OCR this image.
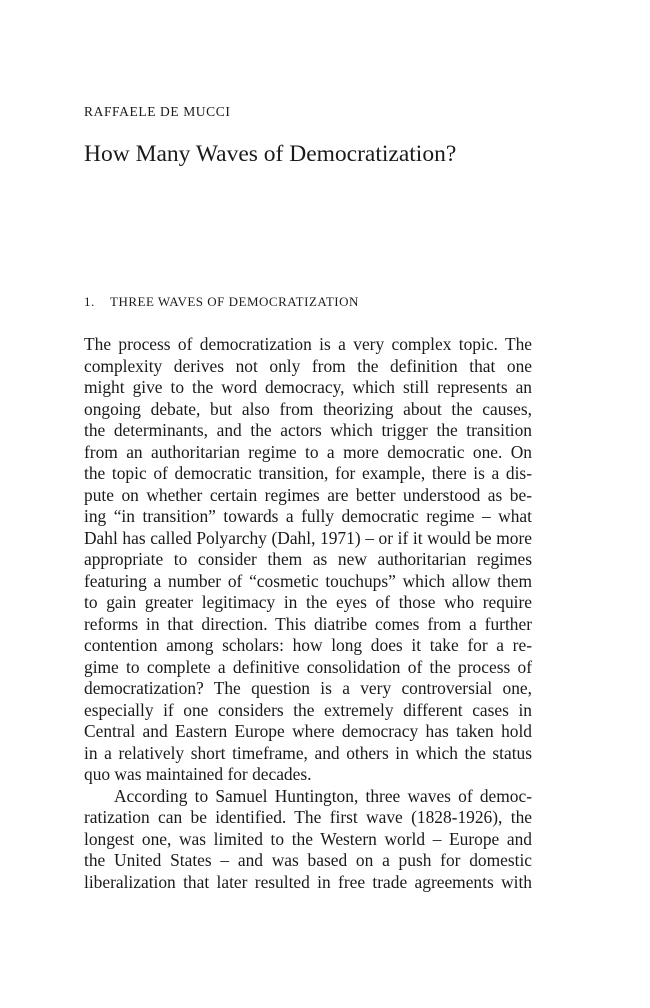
RAFFAELE DE MUCCI
How Many Waves of Democratization?
1. THREE WAVES OF DEMOCRATIZATION
The process of democratization is a very complex topic. The
complexity derives not only from the definition that one
might give to the word democracy, which still represents an
ongoing debate, but also from theorizing about the causes,
the determinants, and the actors which trigger the transition
from an authoritarian regime to a more democratic one. On
the topic of democratic transition, for example, there is a dis-
pute on whether certain regimes are better understood as be-
ing “in transition” towards a fully democratic regime – what
Dahl has called Polyarchy (Dahl, 1971) – or if it would be more
appropriate to consider them as new authoritarian regimes
featuring a number of “cosmetic touchups” which allow them
to gain greater legitimacy in the eyes of those who require
reforms in that direction. This diatribe comes from a further
contention among scholars: how long does it take for a re-
gime to complete a definitive consolidation of the process of
democratization? The question is a very controversial one,
especially if one considers the extremely different cases in
Central and Eastern Europe where democracy has taken hold
in a relatively short timeframe, and others in which the status
quo was maintained for decades.
According to Samuel Huntington, three waves of democ-
ratization can be identified. The first wave (1828-1926), the
longest one, was limited to the Western world – Europe and
the United States – and was based on a push for domestic
liberalization that later resulted in free trade agreements with
